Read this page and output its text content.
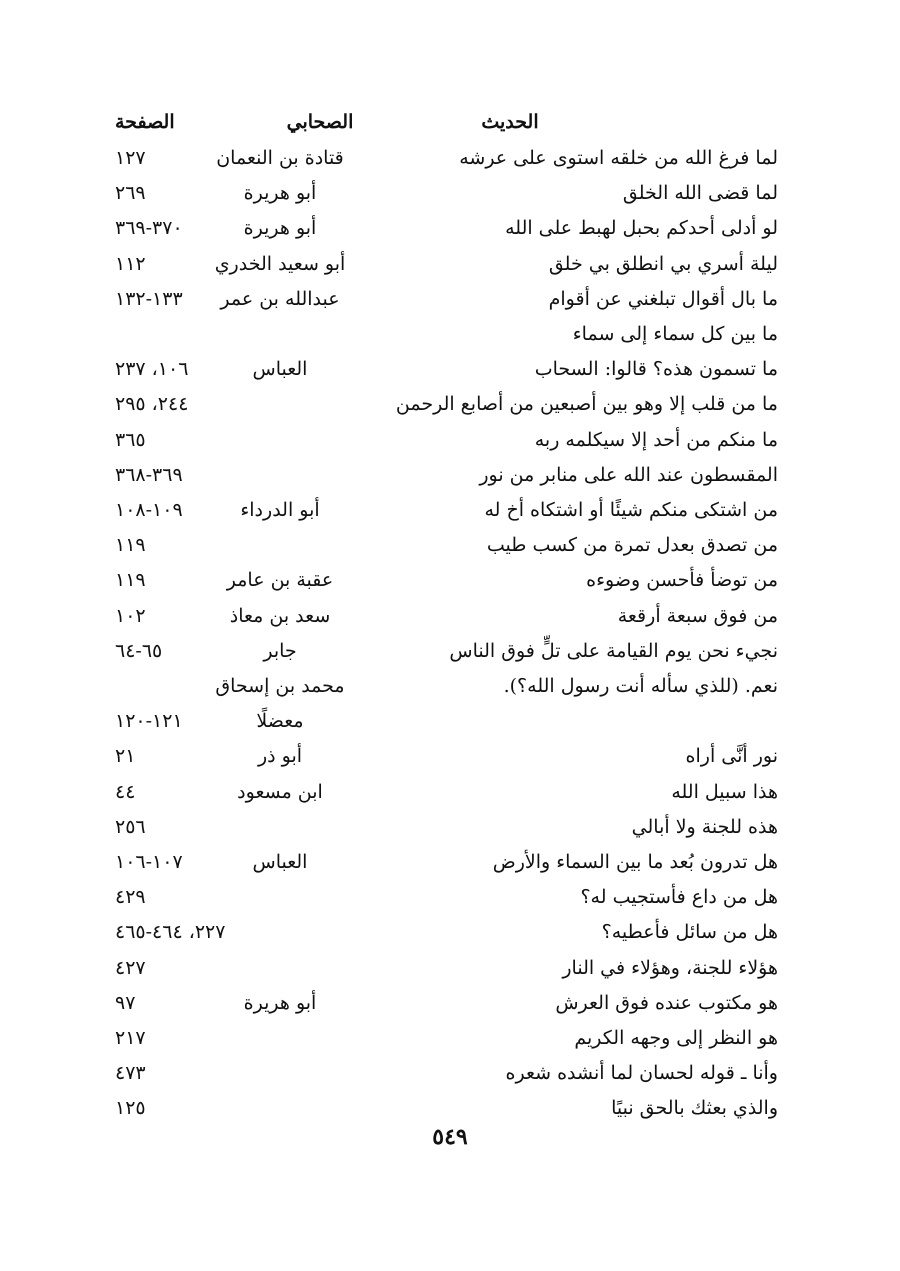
الحديث
الصحابي
الصفحة
لما فرغ الله من خلقه استوى على عرشه
قتادة بن النعمان
١٢٧
لما قضى الله الخلق
أبو هريرة
٢٦٩
لو أدلى أحدكم بحبل لهبط على الله
أبو هريرة
٣٧٠-٣٦٩
ليلة أسري بي انطلق بي خلق
أبو سعيد الخدري
١١٢
ما بال أقوال تبلغني عن أقوام
عبدالله بن عمر
١٣٣-١٣٢
ما بين كل سماء إلى سماء
ما تسمون هذه؟ قالوا: السحاب
العباس
١٠٦، ٢٣٧
ما من قلب إلا وهو بين أصبعين من أصابع الرحمن
٢٤٤، ٢٩٥
ما منكم من أحد إلا سيكلمه ربه
٣٦٥
المقسطون عند الله على منابر من نور
٣٦٩-٣٦٨
من اشتكى منكم شيئًا أو اشتكاه أخ له
أبو الدرداء
١٠٩-١٠٨
من تصدق بعدل تمرة من كسب طيب
١١٩
من توضأ فأحسن وضوءه
عقبة بن عامر
١١٩
من فوق سبعة أرقعة
سعد بن معاذ
١٠٢
نجيء نحن يوم القيامة على تلٍّ فوق الناس
جابر
٦٥-٦٤
نعم. (للذي سأله أنت رسول الله؟).
محمد بن إسحاق
معضلًا
١٢١-١٢٠
نور أنَّى أراه
أبو ذر
٢١
هذا سبيل الله
ابن مسعود
٤٤
هذه للجنة ولا أبالي
٢٥٦
هل تدرون بُعد ما بين السماء والأرض
العباس
١٠٧-١٠٦
هل من داع فأستجيب له؟
٤٢٩
هل من سائل فأعطيه؟
٢٢٧، ٤٦٤-٤٦٥
هؤلاء للجنة، وهؤلاء في النار
٤٢٧
هو مكتوب عنده فوق العرش
أبو هريرة
٩٧
هو النظر إلى وجهه الكريم
٢١٧
وأنا ـ قوله لحسان لما أنشده شعره
٤٧٣
والذي بعثك بالحق نبيًا
١٢٥
٥٤٩
